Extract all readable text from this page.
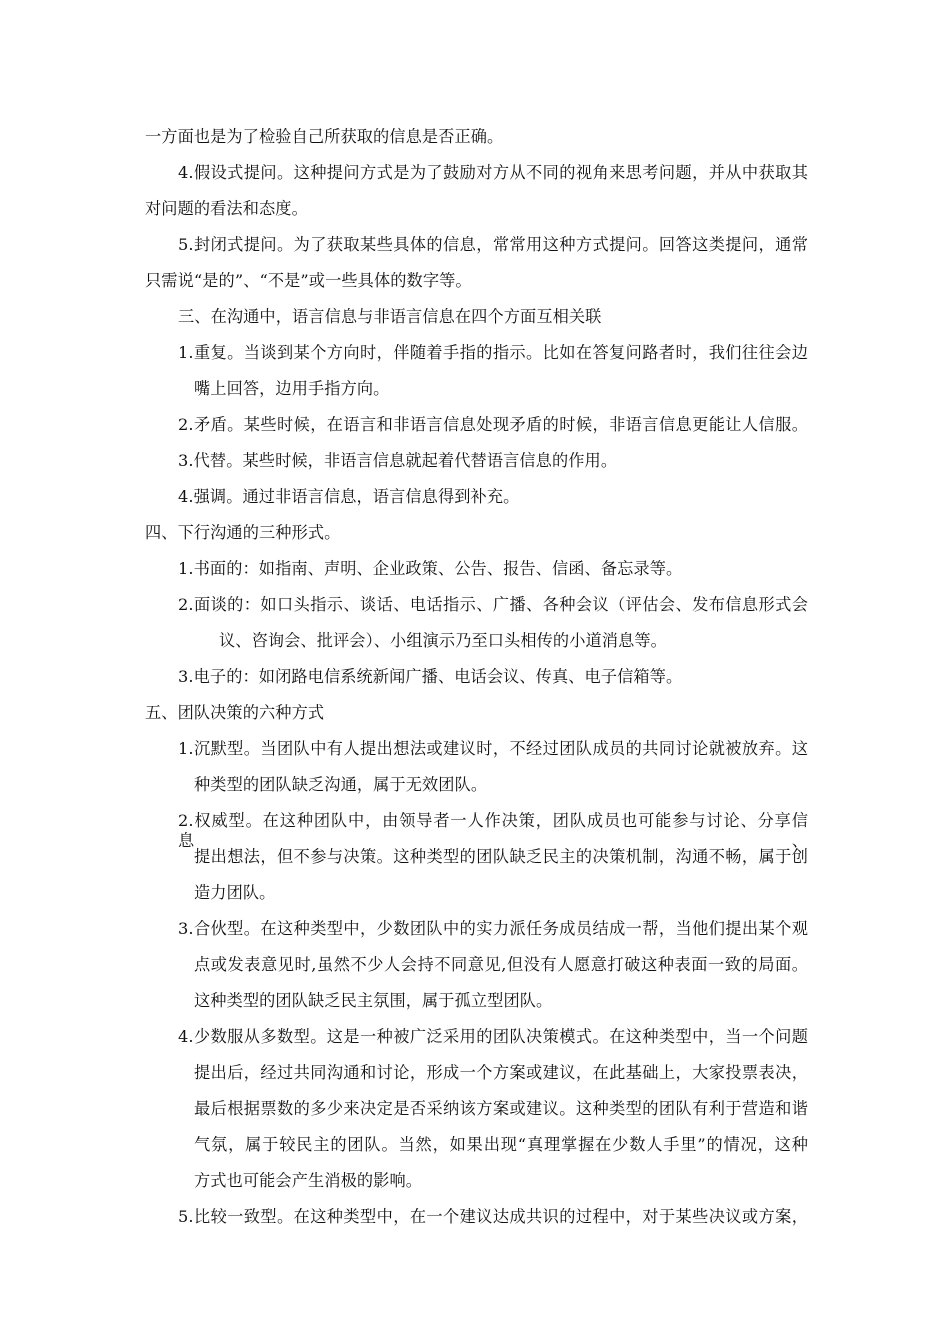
一方面也是为了检验自己所获取的信息是否正确。

4.假设式提问。这种提问方式是为了鼓励对方从不同的视角来思考问题，并从中获取其

对问题的看法和态度。

5.封闭式提问。为了获取某些具体的信息，常常用这种方式提问。回答这类提问，通常

只需说“是的”、“不是”或一些具体的数字等。

三、在沟通中，语言信息与非语言信息在四个方面互相关联

1.重复。当谈到某个方向时，伴随着手指的指示。比如在答复问路者时，我们往往会边

嘴上回答，边用手指方向。

2.矛盾。某些时候，在语言和非语言信息处现矛盾的时候，非语言信息更能让人信服。

3.代替。某些时候，非语言信息就起着代替语言信息的作用。

4.强调。通过非语言信息，语言信息得到补充。

四、下行沟通的三种形式。

1.书面的：如指南、声明、企业政策、公告、报告、信函、备忘录等。

2.面谈的：如口头指示、谈话、电话指示、广播、各种会议（评估会、发布信息形式会

议、咨询会、批评会）、小组演示乃至口头相传的小道消息等。

3.电子的：如闭路电信系统新闻广播、电话会议、传真、电子信箱等。

五、团队决策的六种方式

1.沉默型。当团队中有人提出想法或建议时，不经过团队成员的共同讨论就被放弃。这

种类型的团队缺乏沟通，属于无效团队。

2.权威型。在这种团队中，由领导者一人作决策，团队成员也可能参与讨论、分享信息、

提出想法，但不参与决策。这种类型的团队缺乏民主的决策机制，沟通不畅，属于创

造力团队。

3.合伙型。在这种类型中，少数团队中的实力派任务成员结成一帮，当他们提出某个观

点或发表意见时,虽然不少人会持不同意见,但没有人愿意打破这种表面一致的局面。

这种类型的团队缺乏民主氛围，属于孤立型团队。

4.少数服从多数型。这是一种被广泛采用的团队决策模式。在这种类型中，当一个问题

提出后，经过共同沟通和讨论，形成一个方案或建议，在此基础上，大家投票表决，

最后根据票数的多少来决定是否采纳该方案或建议。这种类型的团队有利于营造和谐

气氛，属于较民主的团队。当然，如果出现“真理掌握在少数人手里”的情况，这种

方式也可能会产生消极的影响。

5.比较一致型。在这种类型中，在一个建议达成共识的过程中，对于某些决议或方案，
